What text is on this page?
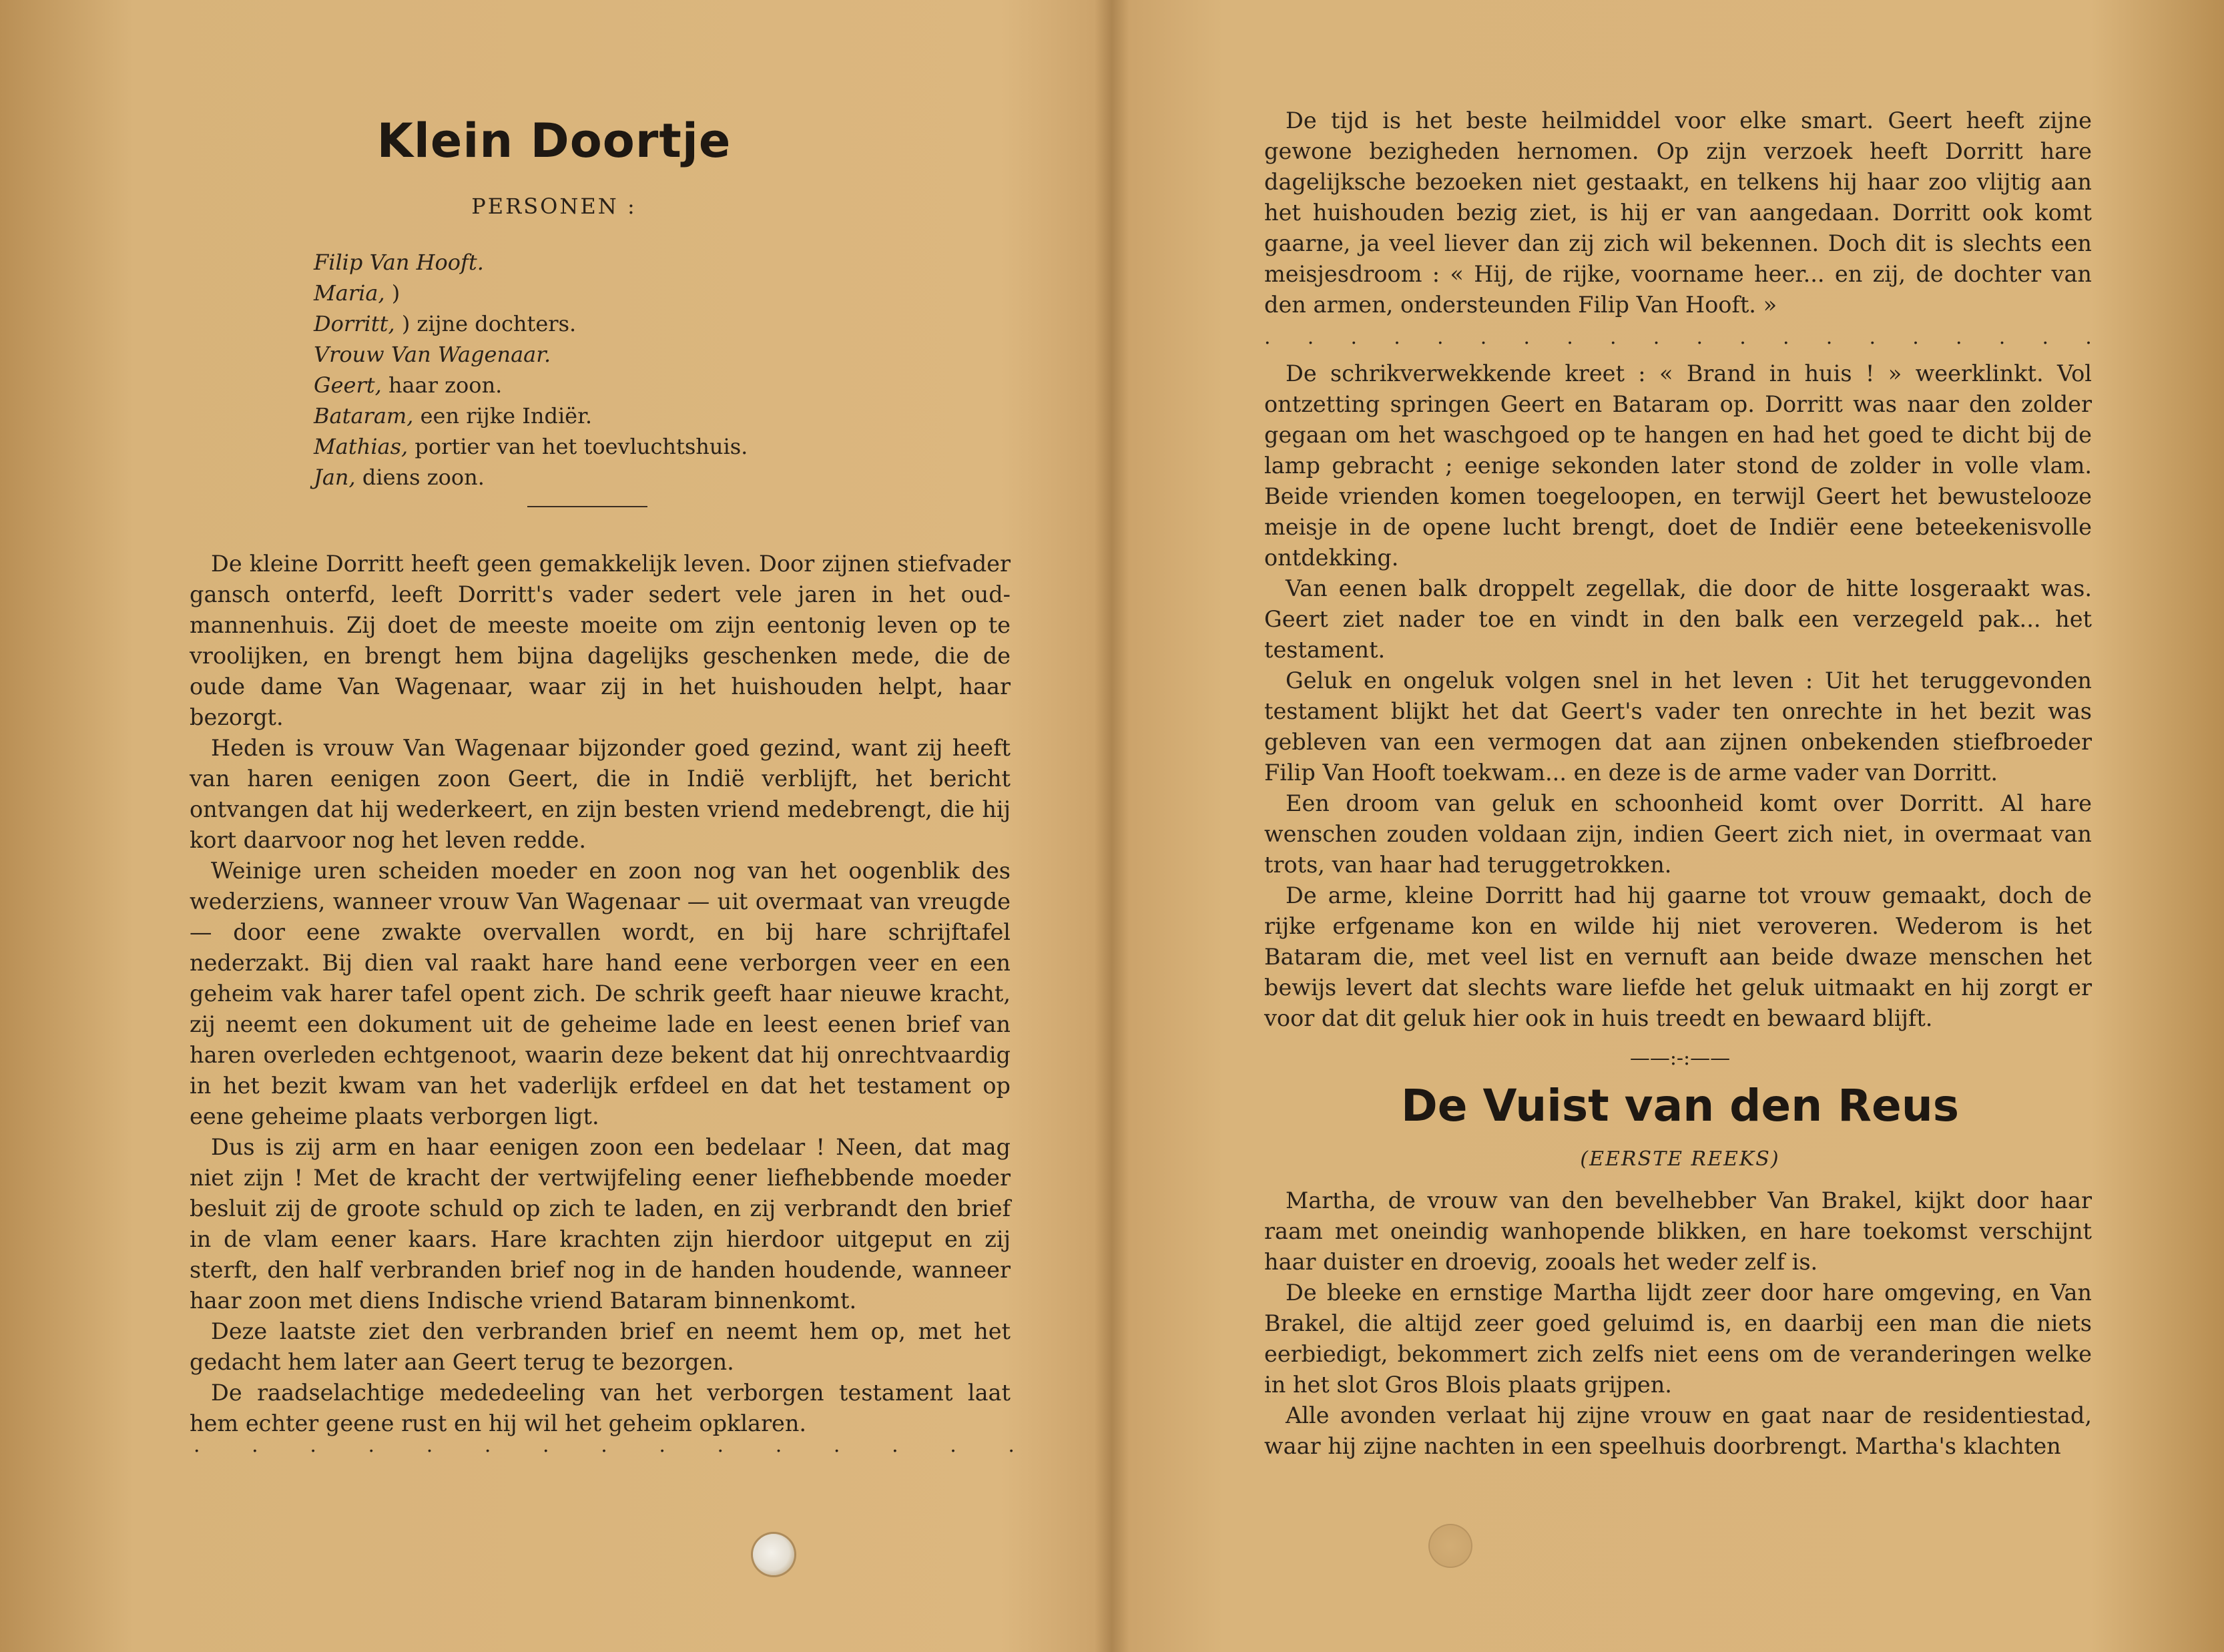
Klein Doortje
PERSONEN :
Filip Van Hooft.
Maria, )
Dorritt, ) zijne dochters.
Vrouw Van Wagenaar.
Geert, haar zoon.
Bataram, een rijke Indiër.
Mathias, portier van het toevluchtshuis.
Jan, diens zoon.

De kleine Dorritt heeft geen gemakkelijk leven. Door zijnen stiefvader gansch onterfd, leeft Dorritt's vader sedert vele jaren in het oud-mannenhuis. Zij doet de meeste moeite om zijn eentonig leven op te vroolijken, en brengt hem bijna dagelijks geschenken mede, die de oude dame Van Wagenaar, waar zij in het huishouden helpt, haar bezorgt.

Heden is vrouw Van Wagenaar bijzonder goed gezind, want zij heeft van haren eenigen zoon Geert, die in Indië verblijft, het bericht ontvangen dat hij wederkeert, en zijn besten vriend medebrengt, die hij kort daarvoor nog het leven redde.

Weinige uren scheiden moeder en zoon nog van het oogenblik des wederziens, wanneer vrouw Van Wagenaar — uit overmaat van vreugde — door eene zwakte overvallen wordt, en bij hare schrijftafel nederzakt. Bij dien val raakt hare hand eene verborgen veer en een geheim vak harer tafel opent zich. De schrik geeft haar nieuwe kracht, zij neemt een dokument uit de geheime lade en leest eenen brief van haren overleden echtgenoot, waarin deze bekent dat hij onrechtvaardig in het bezit kwam van het vaderlijk erfdeel en dat het testament op eene geheime plaats verborgen ligt.

Dus is zij arm en haar eenigen zoon een bedelaar ! Neen, dat mag niet zijn ! Met de kracht der vertwijfeling eener liefhebbende moeder besluit zij de groote schuld op zich te laden, en zij verbrandt den brief in de vlam eener kaars. Hare krachten zijn hierdoor uitgeput en zij sterft, den half verbranden brief nog in de handen houdende, wanneer haar zoon met diens Indische vriend Bataram binnenkomt.

Deze laatste ziet den verbranden brief en neemt hem op, met het gedacht hem later aan Geert terug te bezorgen.

De raadselachtige mededeeling van het verborgen testament laat hem echter geene rust en hij wil het geheim opklaren.

.	.	.	.	.	.	.	.	.	.	.	.	.	.	.

De tijd is het beste heilmiddel voor elke smart. Geert heeft zijne gewone bezigheden hernomen. Op zijn verzoek heeft Dorritt hare dagelijksche bezoeken niet gestaakt, en telkens hij haar zoo vlijtig aan het huishouden bezig ziet, is hij er van aangedaan. Dorritt ook komt gaarne, ja veel liever dan zij zich wil bekennen. Doch dit is slechts een meisjesdroom : « Hij, de rijke, voorname heer... en zij, de dochter van den armen, ondersteunden Filip Van Hooft. »

. . . . . . . . . . . . . . . . . . . .

De schrikverwekkende kreet : « Brand in huis ! » weerklinkt. Vol ontzetting springen Geert en Bataram op. Dorritt was naar den zolder gegaan om het waschgoed op te hangen en had het goed te dicht bij de lamp gebracht ; eenige sekonden later stond de zolder in volle vlam. Beide vrienden komen toegeloopen, en terwijl Geert het bewustelooze meisje in de opene lucht brengt, doet de Indiër eene beteekenisvolle ontdekking.

Van eenen balk droppelt zegellak, die door de hitte losgeraakt was. Geert ziet nader toe en vindt in den balk een verzegeld pak... het testament.

Geluk en ongeluk volgen snel in het leven : Uit het teruggevonden testament blijkt het dat Geert's vader ten onrechte in het bezit was gebleven van een vermogen dat aan zijnen onbekenden stiefbroeder Filip Van Hooft toekwam... en deze is de arme vader van Dorritt.

Een droom van geluk en schoonheid komt over Dorritt. Al hare wenschen zouden voldaan zijn, indien Geert zich niet, in overmaat van trots, van haar had teruggetrokken.

De arme, kleine Dorritt had hij gaarne tot vrouw gemaakt, doch de rijke erfgename kon en wilde hij niet veroveren. Wederom is het Bataram die, met veel list en vernuft aan beide dwaze menschen het bewijs levert dat slechts ware liefde het geluk uitmaakt en hij zorgt er voor dat dit geluk hier ook in huis treedt en bewaard blijft.

——:-:——
De Vuist van den Reus
(EERSTE REEKS)

Martha, de vrouw van den bevelhebber Van Brakel, kijkt door haar raam met oneindig wanhopende blikken, en hare toekomst verschijnt haar duister en droevig, zooals het weder zelf is.

De bleeke en ernstige Martha lijdt zeer door hare omgeving, en Van Brakel, die altijd zeer goed geluimd is, en daarbij een man die niets eerbiedigt, bekommert zich zelfs niet eens om de veranderingen welke in het slot Gros Blois plaats grijpen.

Alle avonden verlaat hij zijne vrouw en gaat naar de residentiestad, waar hij zijne nachten in een speelhuis doorbrengt. Martha's klachten
